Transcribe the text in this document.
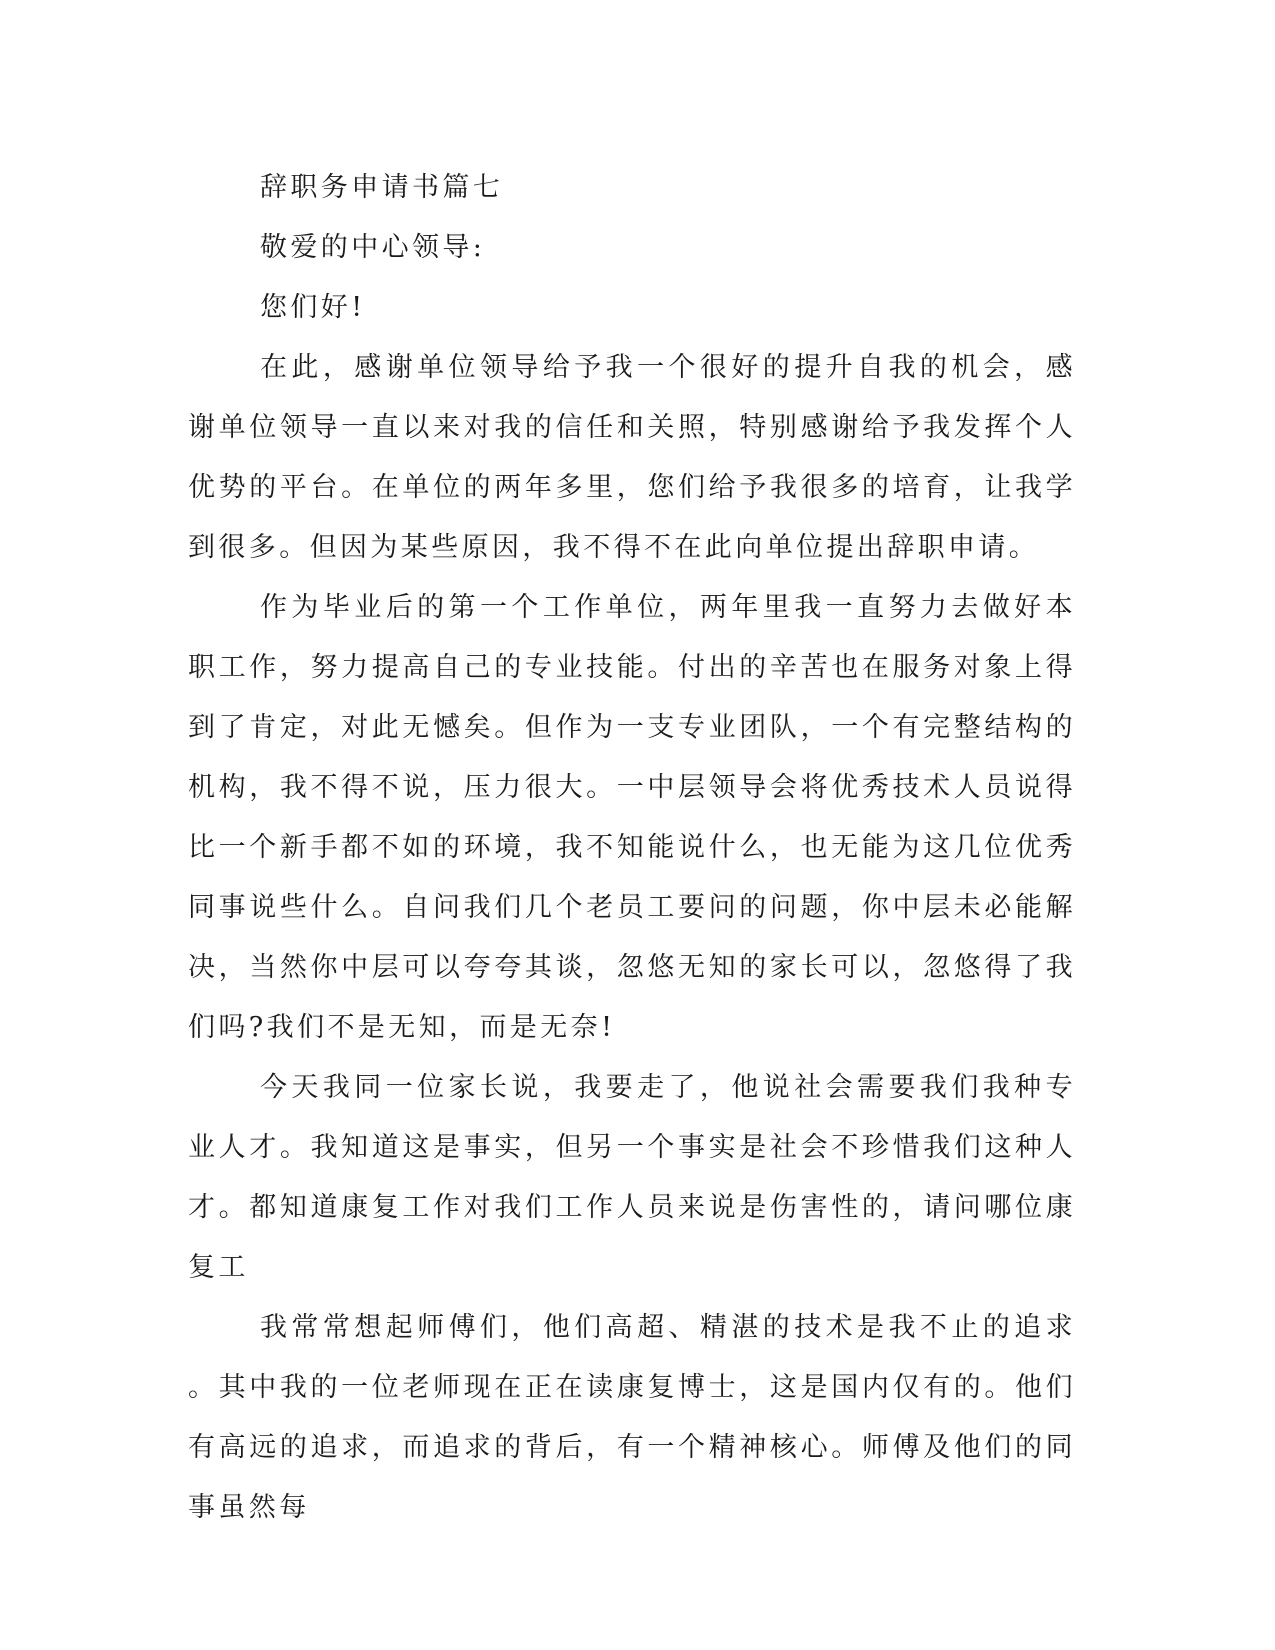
辞职务申请书篇七

敬爱的中心领导:

您们好!

在此，感谢单位领导给予我一个很好的提升自我的机会，感谢单位领导一直以来对我的信任和关照，特别感谢给予我发挥个人优势的平台。在单位的两年多里，您们给予我很多的培育，让我学到很多。但因为某些原因，我不得不在此向单位提出辞职申请。

作为毕业后的第一个工作单位，两年里我一直努力去做好本职工作，努力提高自己的专业技能。付出的辛苦也在服务对象上得到了肯定，对此无憾矣。但作为一支专业团队，一个有完整结构的机构，我不得不说，压力很大。一中层领导会将优秀技术人员说得比一个新手都不如的环境，我不知能说什么，也无能为这几位优秀同事说些什么。自问我们几个老员工要问的问题，你中层未必能解决，当然你中层可以夸夸其谈，忽悠无知的家长可以，忽悠得了我们吗?我们不是无知，而是无奈!

今天我同一位家长说，我要走了，他说社会需要我们我种专业人才。我知道这是事实，但另一个事实是社会不珍惜我们这种人才。都知道康复工作对我们工作人员来说是伤害性的，请问哪位康复工

我常常想起师傅们，他们高超、精湛的技术是我不止的追求。其中我的一位老师现在正在读康复博士，这是国内仅有的。他们有高远的追求，而追求的背后，有一个精神核心。师傅及他们的同事虽然每
